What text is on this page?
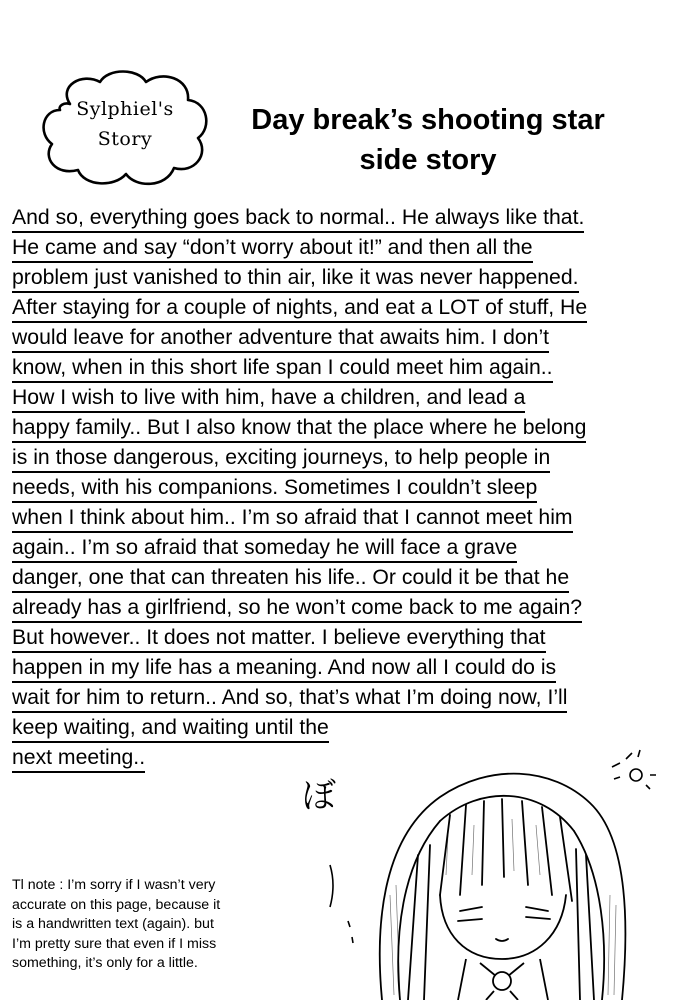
Sylphiel's
Story
Day break’s shooting star
side story
And so, everything goes back to normal.. He always like that.
He came and say “don’t worry about it!” and then all the
problem just vanished to thin air, like it was never happened.
After staying for a couple of nights, and eat a LOT of stuff, He
would leave for another adventure that awaits him. I don’t
know, when in this short life span I could meet him again..
How I wish to live with him, have a children, and lead a
happy family.. But I also know that the place where he belong
is in those dangerous, exciting journeys, to help people in
needs, with his companions. Sometimes I couldn’t sleep
when I think about him.. I’m so afraid that I cannot meet him
again.. I’m so afraid that someday he will face a grave
danger, one that can threaten his life.. Or could it be that he
already has a girlfriend, so he won’t come back to me again?
But however.. It does not matter. I believe everything that
happen in my life has a meaning. And now all I could do is
wait for him to return.. And so, that’s what I’m doing now, I’ll
keep waiting, and waiting until the
next meeting..
ぼ
Tl note : I’m sorry if I wasn’t very
accurate on this page, because it
is a handwritten text (again). but
I’m pretty sure that even if I miss
something, it’s only for a little.
